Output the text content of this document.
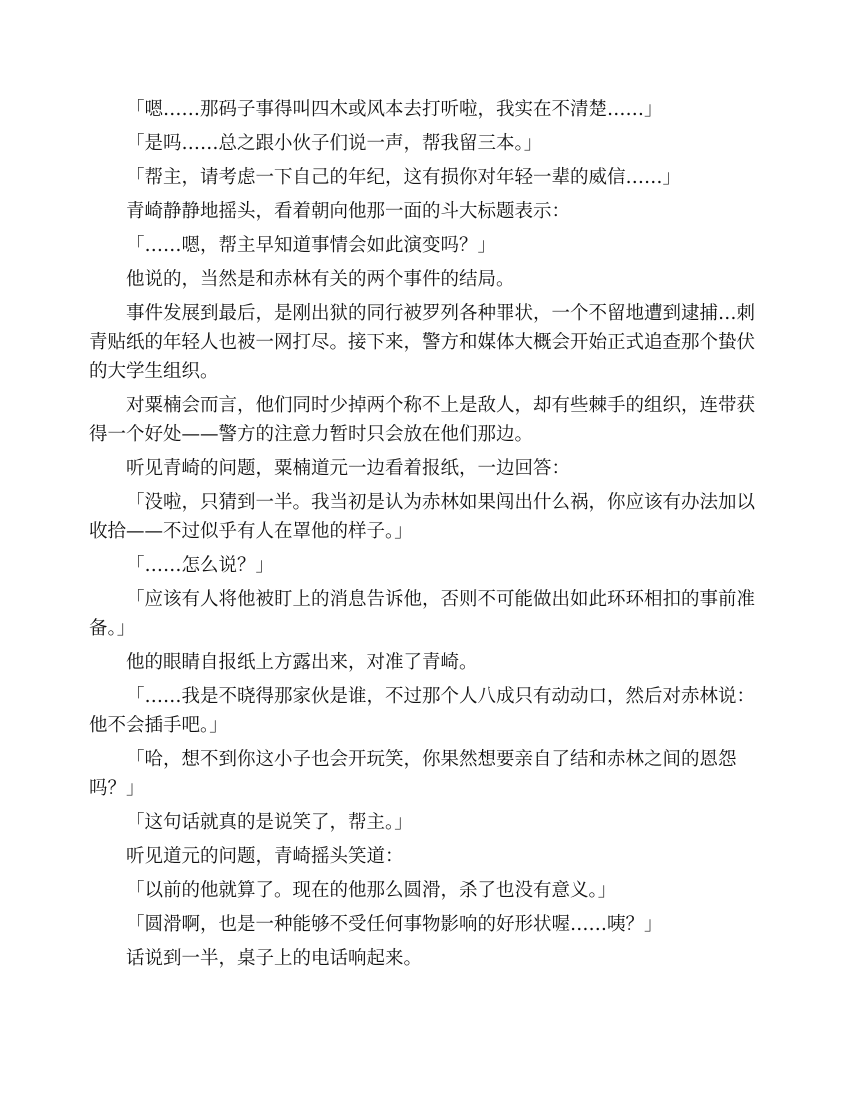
「嗯……那码子事得叫四木或风本去打听啦，我实在不清楚……」

「是吗……总之跟小伙子们说一声，帮我留三本。」

「帮主，请考虑一下自己的年纪，这有损你对年轻一辈的威信……」

青崎静静地摇头，看着朝向他那一面的斗大标题表示：

「……嗯，帮主早知道事情会如此演变吗？」

他说的，当然是和赤林有关的两个事件的结局。

事件发展到最后，是刚出狱的同行被罗列各种罪状，一个不留地遭到逮捕…刺青贴纸的年轻人也被一网打尽。接下来，警方和媒体大概会开始正式追查那个蛰伏的大学生组织。

对粟楠会而言，他们同时少掉两个称不上是敌人，却有些棘手的组织，连带获得一个好处——警方的注意力暂时只会放在他们那边。

听见青崎的问题，粟楠道元一边看着报纸，一边回答：

「没啦，只猜到一半。我当初是认为赤林如果闯出什么祸，你应该有办法加以收拾——不过似乎有人在罩他的样子。」

「……怎么说？」

「应该有人将他被盯上的消息告诉他，否则不可能做出如此环环相扣的事前准备。」

他的眼睛自报纸上方露出来，对准了青崎。

「……我是不晓得那家伙是谁，不过那个人八成只有动动口，然后对赤林说：他不会插手吧。」

「哈，想不到你这小子也会开玩笑，你果然想要亲自了结和赤林之间的恩怨吗？」

「这句话就真的是说笑了，帮主。」

听见道元的问题，青崎摇头笑道：

「以前的他就算了。现在的他那么圆滑，杀了也没有意义。」

「圆滑啊，也是一种能够不受任何事物影响的好形状喔……咦？」

话说到一半，桌子上的电话响起来。
